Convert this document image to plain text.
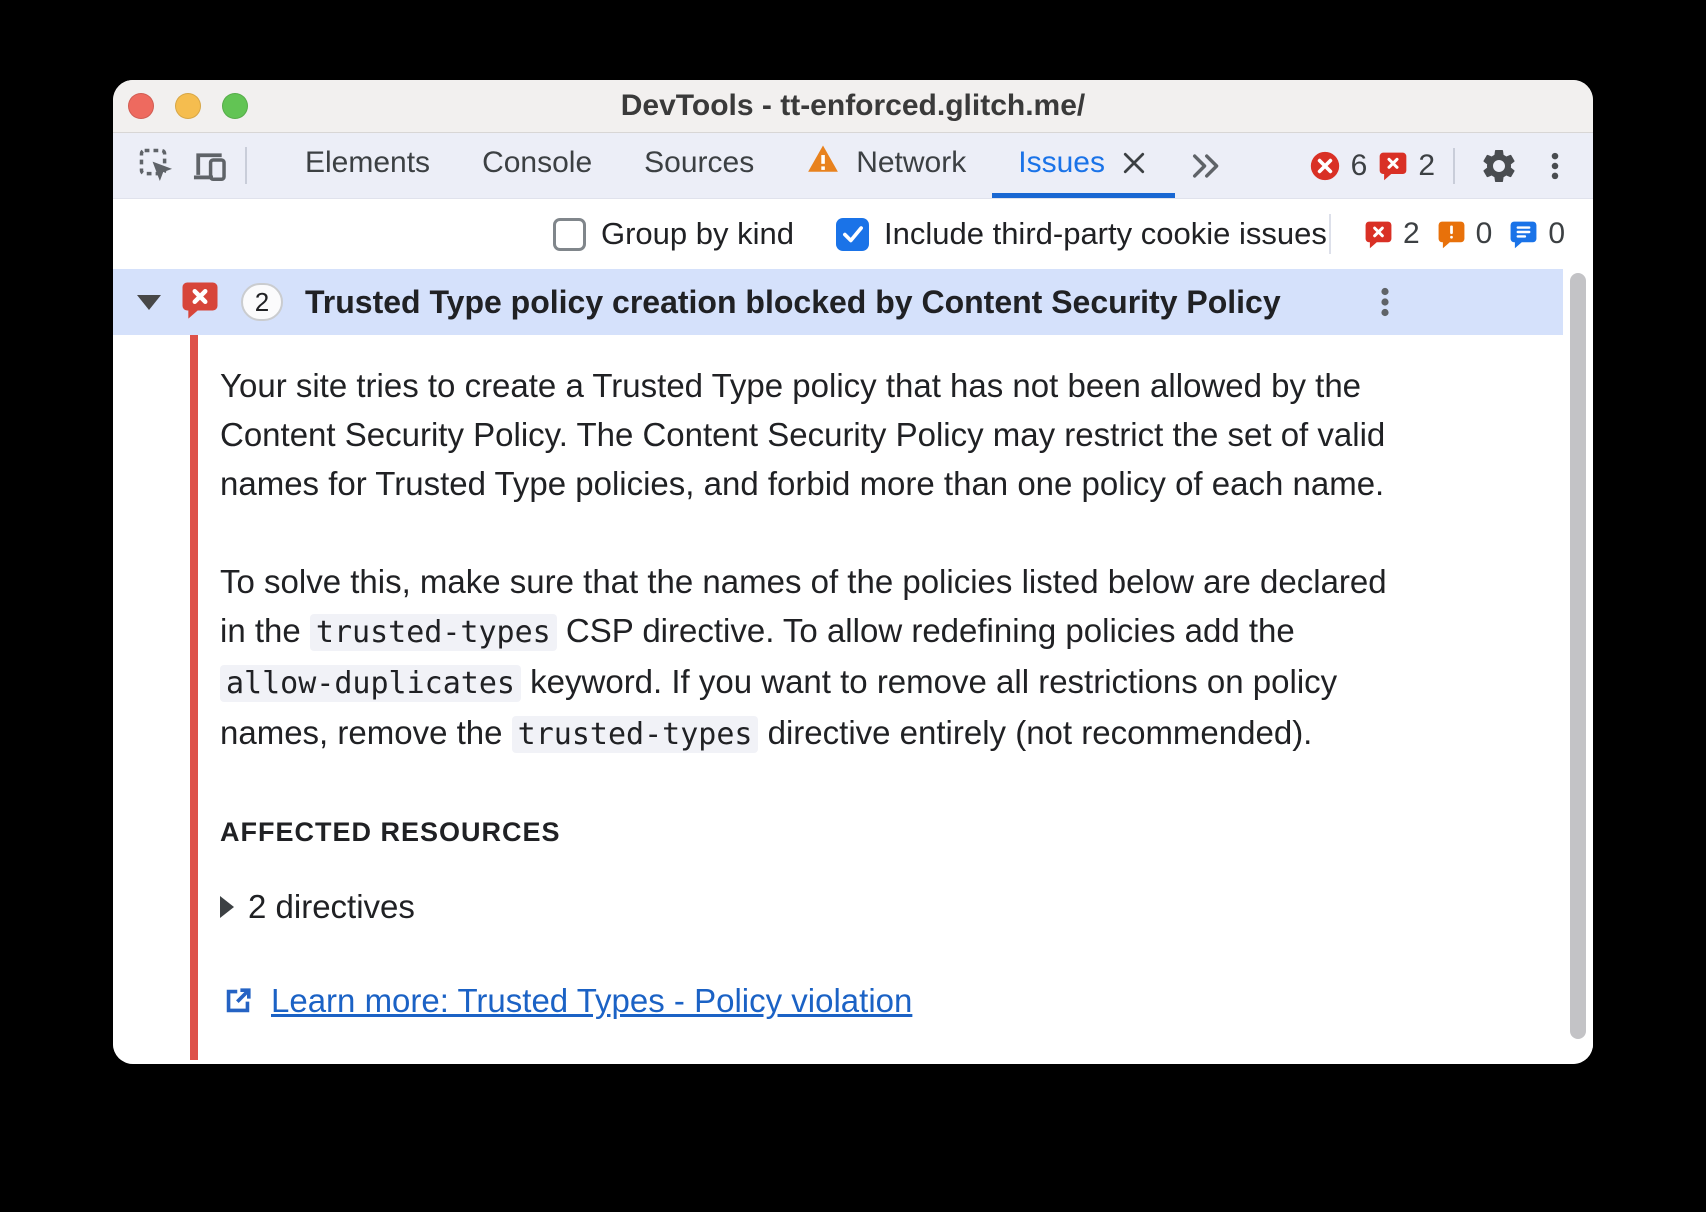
DevTools - tt-enforced.glitch.me/
Elements Console Sources	Network Issues	6 2
Group by kind	Include third-party cookie issues	2 0 0
2	Trusted Type policy creation blocked by Content Security Policy

Your site tries to create a Trusted Type policy that has not been allowed by the Content Security Policy. The Content Security Policy may restrict the set of valid names for Trusted Type policies, and forbid more than one policy of each name.

To solve this, make sure that the names of the policies listed below are declared in the trusted-types CSP directive. To allow redefining policies add the allow-duplicates keyword. If you want to remove all restrictions on policy names, remove the trusted-types directive entirely (not recommended).

AFFECTED RESOURCES
2 directives
Learn more: Trusted Types - Policy violation
